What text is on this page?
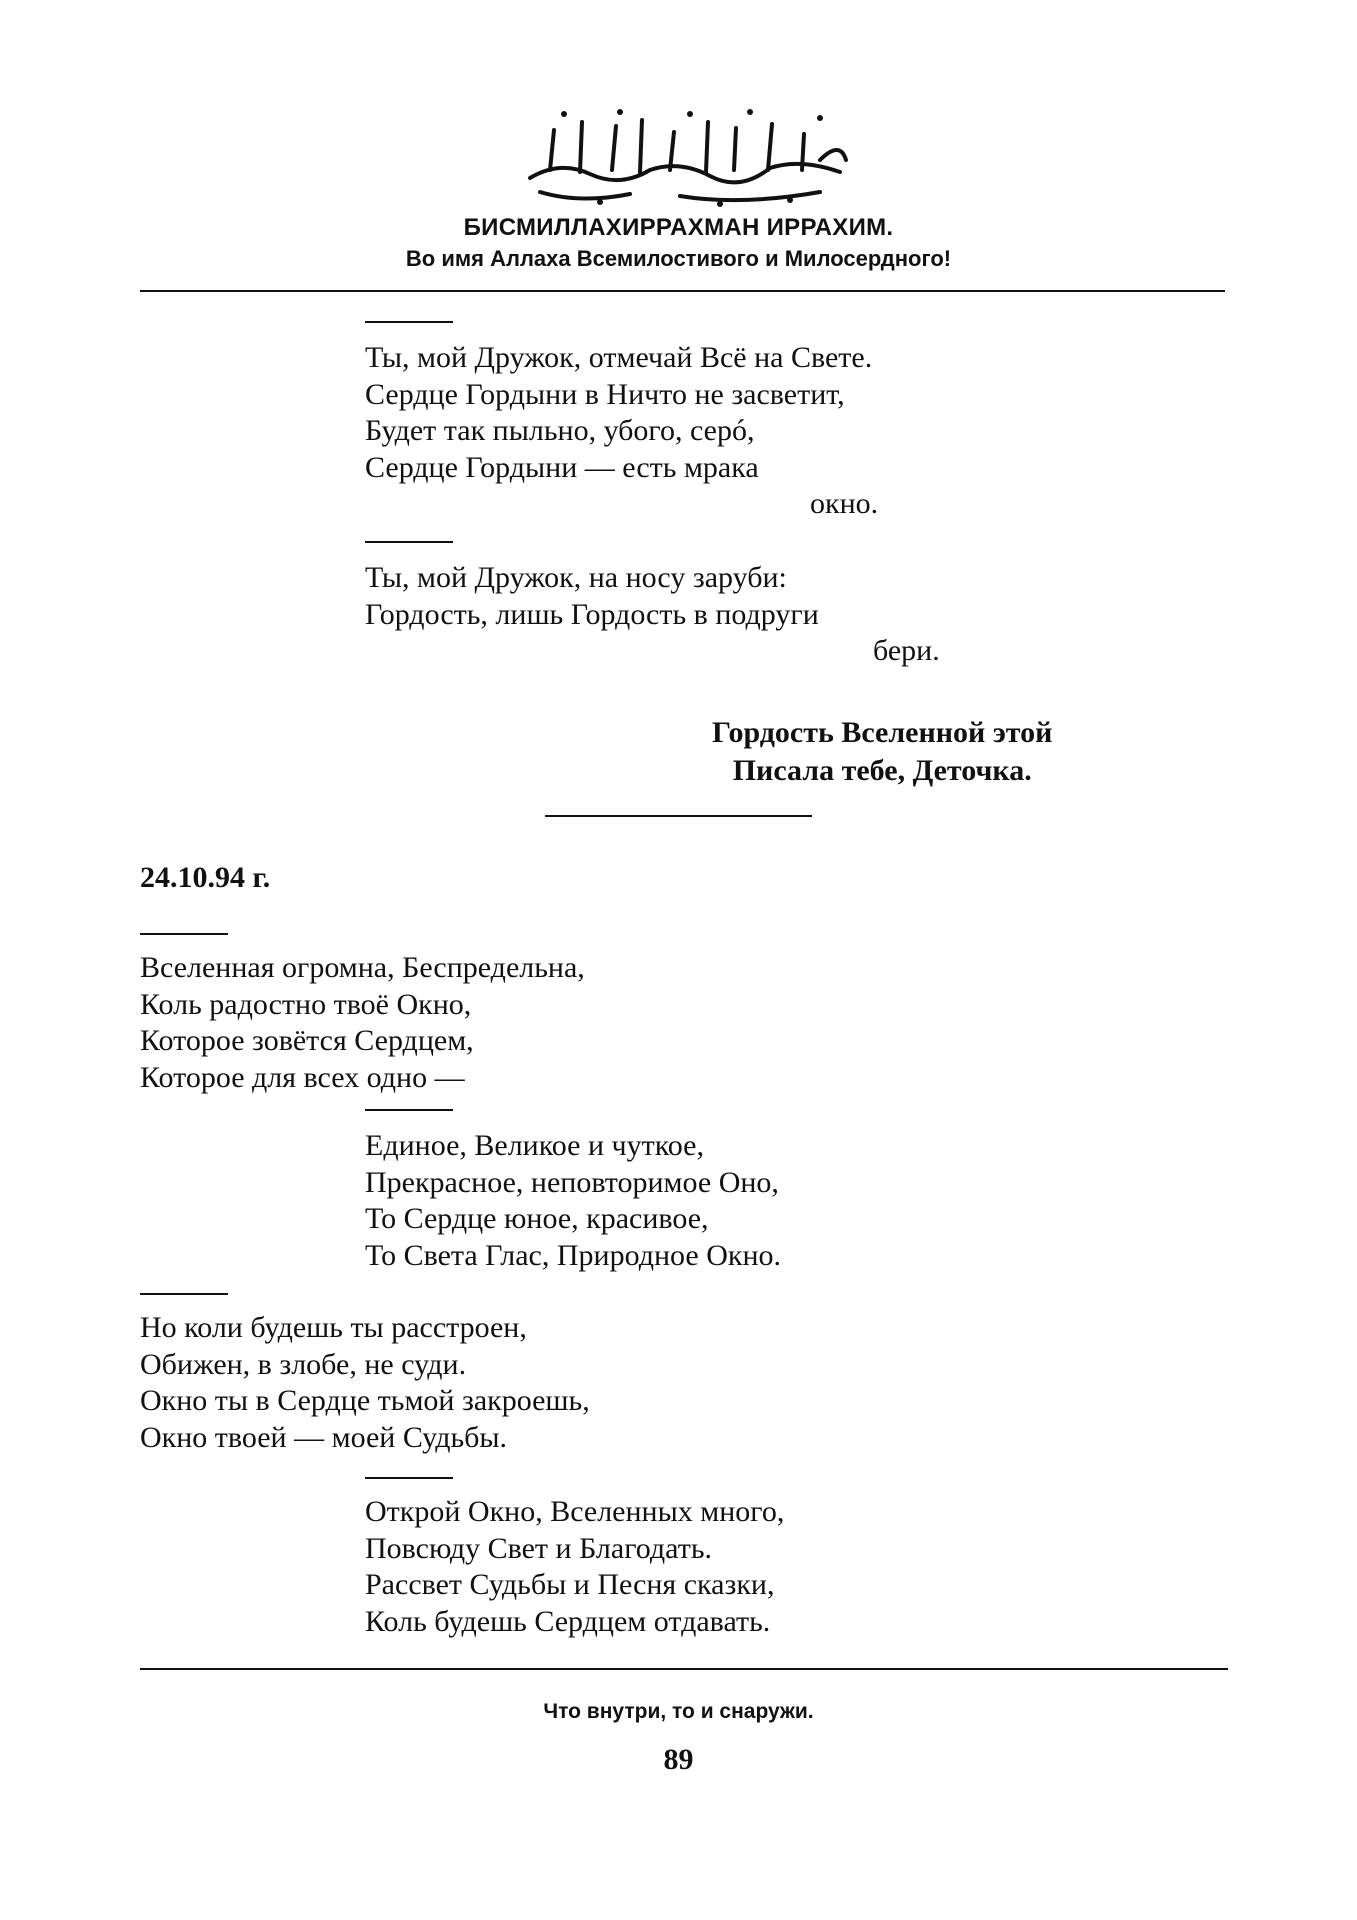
БИСМИЛЛАХИРРАХМАН ИРРАХИМ.
Во имя Аллаха Всемилостивого и Милосердного!
Ты, мой Дружок, отмечай Всё на Свете.
Сердце Гордыни в Ничто не засветит,
Будет так пыльно, убого, серó,
Сердце Гордыни — есть мрака
окно.
Ты, мой Дружок, на носу заруби:
Гордость, лишь Гордость в подруги
бери.
Гордость Вселенной этой
Писала тебе, Деточка.
24.10.94 г.
Вселенная огромна, Беспредельна,
Коль радостно твоё Окно,
Которое зовётся Сердцем,
Которое для всех одно —
Единое, Великое и чуткое,
Прекрасное, неповторимое Оно,
То Сердце юное, красивое,
То Света Глас, Природное Окно.
Но коли будешь ты расстроен,
Обижен, в злобе, не суди.
Окно ты в Сердце тьмой закроешь,
Окно твоей — моей Судьбы.
Открой Окно, Вселенных много,
Повсюду Свет и Благодать.
Рассвет Судьбы и Песня сказки,
Коль будешь Сердцем отдавать.
Что внутри, то и снаружи.
89
